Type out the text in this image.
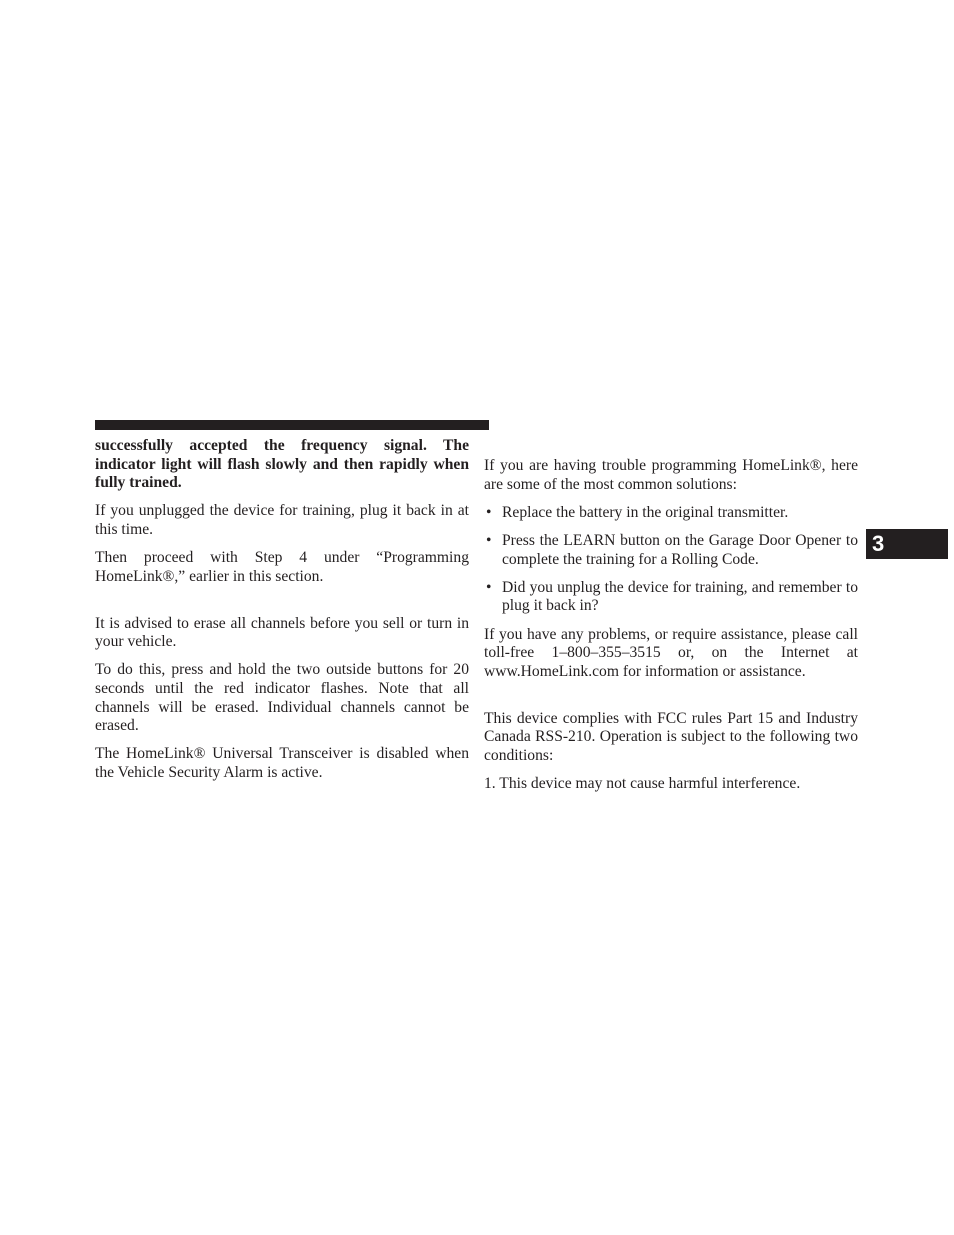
successfully accepted the frequency signal. The indicator light will flash slowly and then rapidly when fully trained.

If you unplugged the device for training, plug it back in at this time.

Then proceed with Step 4 under “Programming HomeLink®,” earlier in this section.

It is advised to erase all channels before you sell or turn in your vehicle.

To do this, press and hold the two outside buttons for 20 seconds until the red indicator flashes. Note that all channels will be erased. Individual channels cannot be erased.

The HomeLink® Universal Transceiver is disabled when the Vehicle Security Alarm is active.

If you are having trouble programming HomeLink®, here are some of the most common solutions:

• Replace the battery in the original transmitter.
• Press the LEARN button on the Garage Door Opener to complete the training for a Rolling Code.
• Did you unplug the device for training, and remember to plug it back in?

If you have any problems, or require assistance, please call toll-free 1–800–355–3515 or, on the Internet at www.HomeLink.com for information or assistance.

This device complies with FCC rules Part 15 and Industry Canada RSS-210. Operation is subject to the following two conditions:

1. This device may not cause harmful interference.

3
